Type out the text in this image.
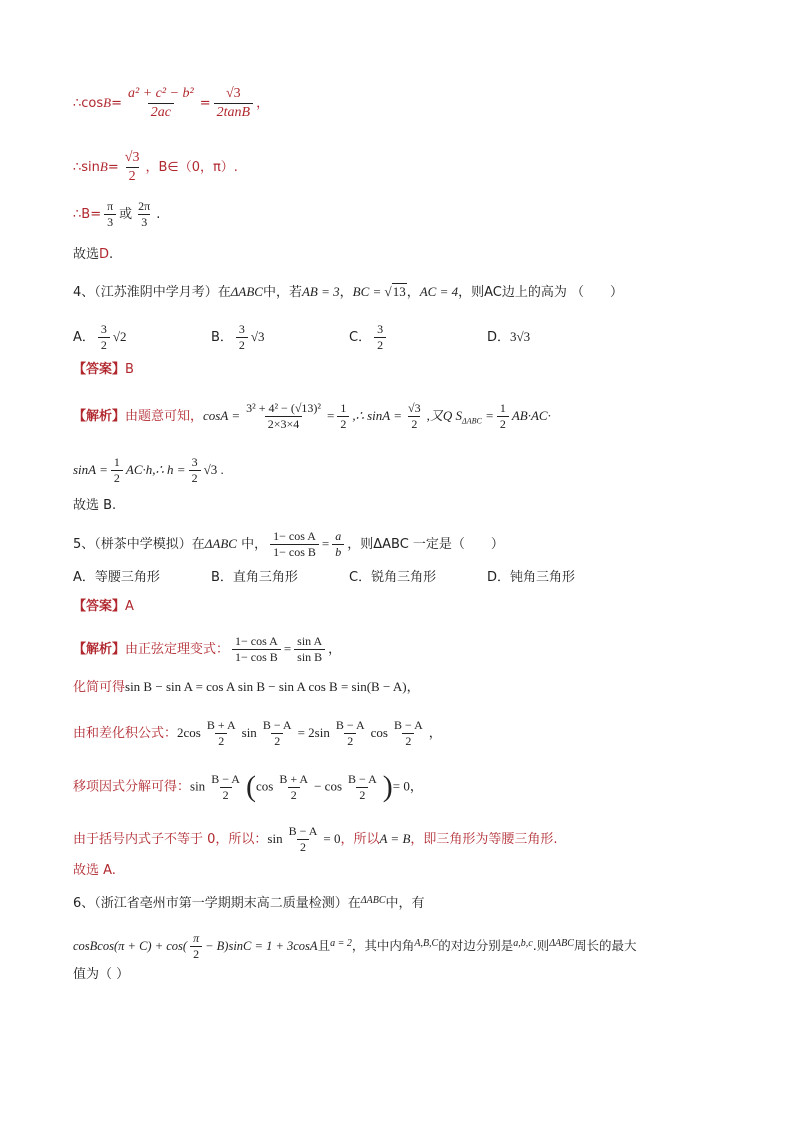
∴cosB= $\frac{\text{a² + c² − b²}}{2ac} = \frac{√3}{2\tan B}$ ，
∴sinB= $\frac{√3}{2}$ ，B∈（0，π）.
∴B= $\frac{\pi}{3}$ 或 $\frac{2\pi}{3}$ .
故选D.
4、（江苏淮阴中学月考）在ΔABC中，若AB = 3，BC = √13，AC = 4，则AC边上的高为 （　　）
A． $\frac{3}{2} √2$	B． $\frac{3}{2} √3$	C． $\frac{3}{2}$	D．3√3
【答案】B
【解析】由题意可知，$\cos A = \frac{\text{3² + 4² − (√13)²}}{2\times 3\times 4} = \frac{1}{2}$ ,∴ $\sin A = \frac{√3}{2}$ ,又Q $S_{\Delta ABC} = \frac{1}{2} AB\cdot AC\cdot$
$\sin A = \frac{1}{2}$ AC·h,∴ $h = \frac{3}{2} √3$ .
故选 B.
5、（栟茶中学模拟）在ΔABC 中， $\frac{\text{1− cos A}}{\text{1− cos B}} = \frac{a}{b}$ ，则ΔABC 一定是（　　）
A．等腰三角形	B．直角三角形	C．锐角三角形	D．钝角三角形
【答案】A
【解析】由正弦定理变式： $\frac{\text{1− cos A}}{\text{1− cos B}} = \frac{\text{sin A}}{\text{sin B}}$ ，
化简可得sin B − sin A = cos A sin B − sin A cos B = sin(B − A)，
由和差化积公式：$2\cos \frac{B + A}{2}$ $\sin \frac{B - A}{2} = 2\sin \frac{B - A}{2}$ $\cos \frac{B - A}{2}$ ，
移项因式分解可得：$\sin \frac{B - A}{2} (\cos \frac{B + A}{2} - \cos \frac{B - A}{2}$ )= 0，
由于括号内式子不等于 0，所以：$\sin \frac{B - A}{2} = 0$，所以A = B，即三角形为等腰三角形.
故选 A.
6、（浙江省亳州市第一学期期末高二质量检测）在$^{\Delta ABC}$中，有
cosBcos(π + $C) + \cos( \frac{\pi}{2} - B)\sin C = 1 + 3\cos A$且$^{a = 2}$，其中内角$^{A,B,C}$的对边分别是$^{a,b,c}$.则$^{\Delta ABC}$周长的最大
值为（ ）
